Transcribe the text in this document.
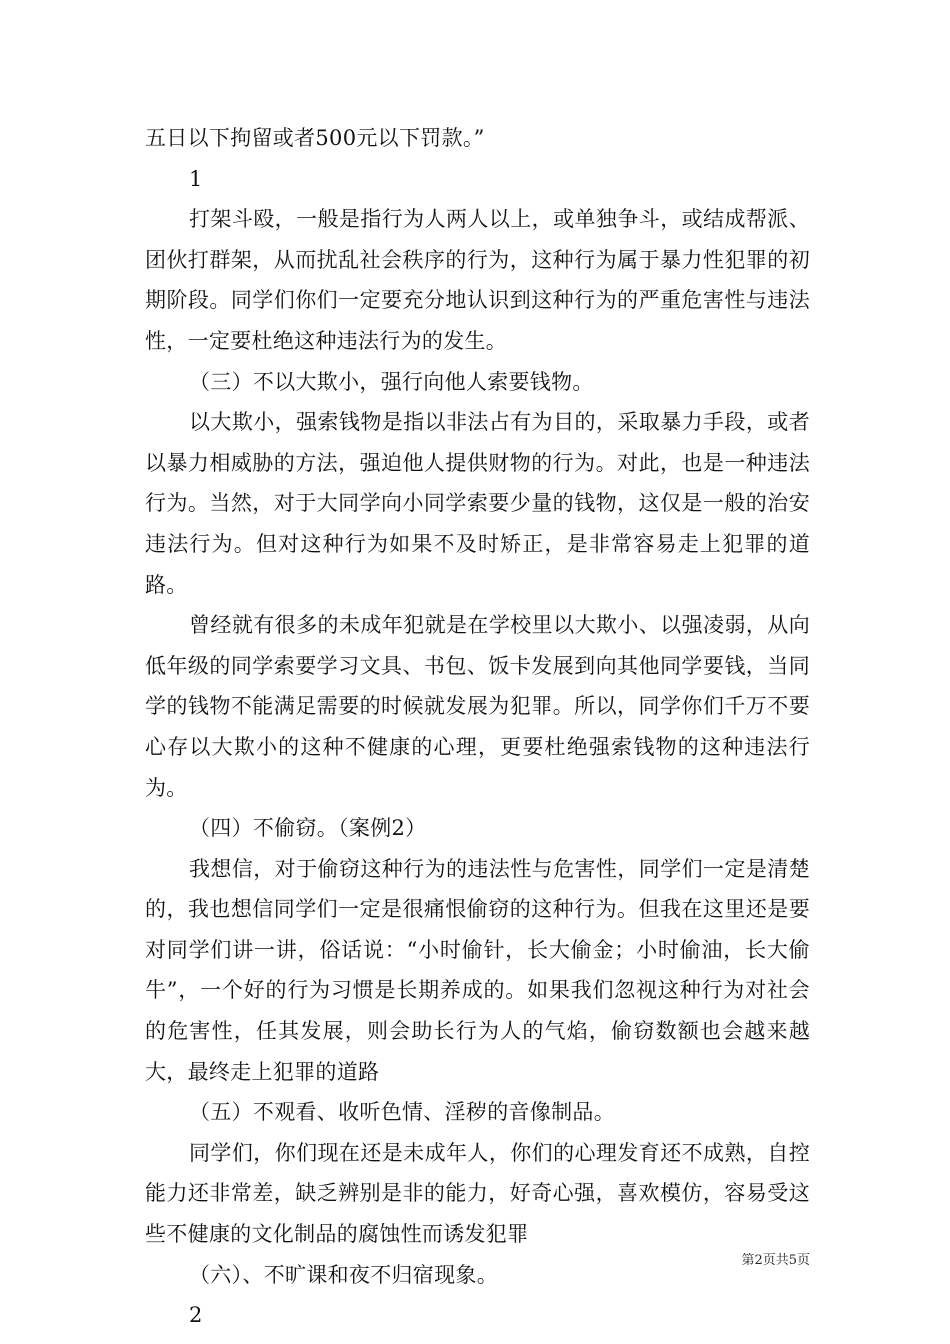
五日以下拘留或者500元以下罚款。”

1

打架斗殴，一般是指行为人两人以上，或单独争斗，或结成帮派、团伙打群架，从而扰乱社会秩序的行为，这种行为属于暴力性犯罪的初期阶段。同学们你们一定要充分地认识到这种行为的严重危害性与违法性，一定要杜绝这种违法行为的发生。

（三）不以大欺小，强行向他人索要钱物。

以大欺小，强索钱物是指以非法占有为目的，采取暴力手段，或者以暴力相威胁的方法，强迫他人提供财物的行为。对此，也是一种违法行为。当然，对于大同学向小同学索要少量的钱物，这仅是一般的治安违法行为。但对这种行为如果不及时矫正，是非常容易走上犯罪的道路。

曾经就有很多的未成年犯就是在学校里以大欺小、以强凌弱，从向低年级的同学索要学习文具、书包、饭卡发展到向其他同学要钱，当同学的钱物不能满足需要的时候就发展为犯罪。所以，同学你们千万不要心存以大欺小的这种不健康的心理，更要杜绝强索钱物的这种违法行为。

（四）不偷窃。（案例2）

我想信，对于偷窃这种行为的违法性与危害性，同学们一定是清楚的，我也想信同学们一定是很痛恨偷窃的这种行为。但我在这里还是要对同学们讲一讲，俗话说：“小时偷针，长大偷金；小时偷油，长大偷牛”，一个好的行为习惯是长期养成的。如果我们忽视这种行为对社会的危害性，任其发展，则会助长行为人的气焰，偷窃数额也会越来越大，最终走上犯罪的道路

（五）不观看、收听色情、淫秽的音像制品。

同学们，你们现在还是未成年人，你们的心理发育还不成熟，自控能力还非常差，缺乏辨别是非的能力，好奇心强，喜欢模仿，容易受这些不健康的文化制品的腐蚀性而诱发犯罪

（六）、不旷课和夜不归宿现象。

2

第2页共5页
